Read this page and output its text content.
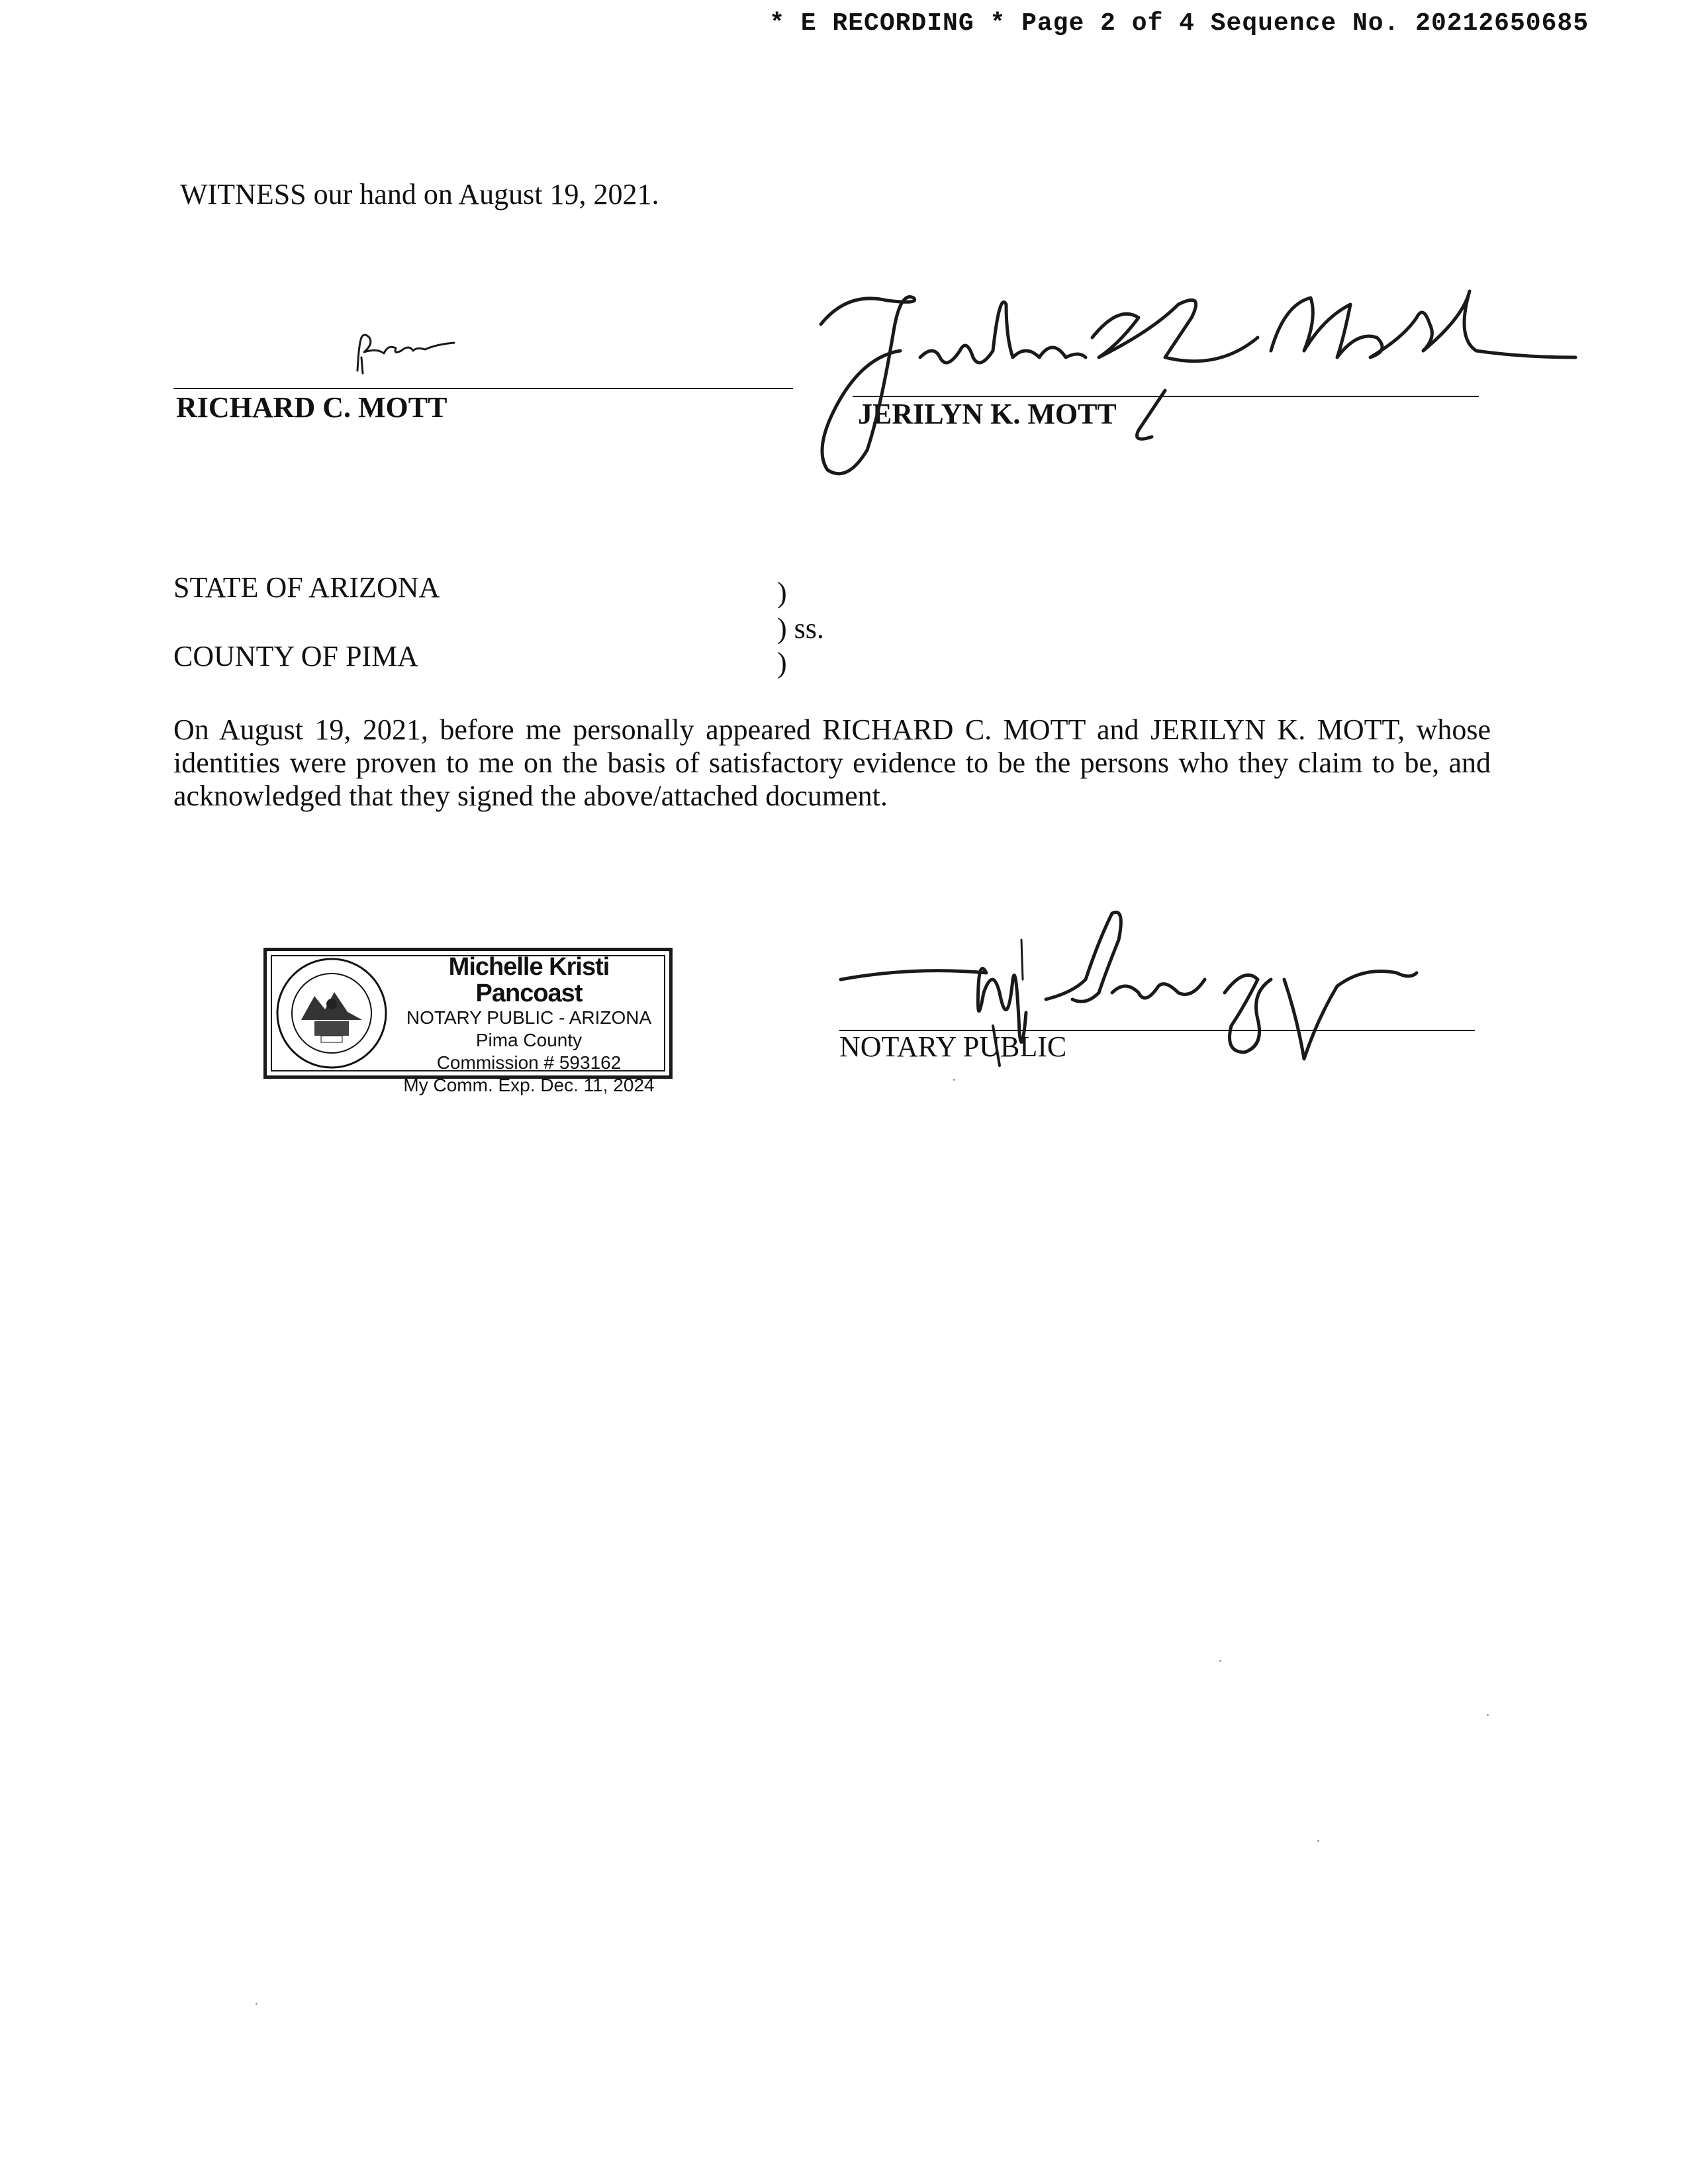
* E RECORDING * Page 2 of 4 Sequence No. 20212650685
WITNESS our hand on August 19, 2021.
RICHARD C. MOTT	JERILYN K. MOTT
STATE OF ARIZONA
COUNTY OF PIMA
)
) ss.
)
On August 19, 2021, before me personally appeared RICHARD C. MOTT and JERILYN K. MOTT, whose identities were proven to me on the basis of satisfactory evidence to be the persons who they claim to be, and acknowledged that they signed the above/attached document.
Michelle Kristi Pancoast
NOTARY PUBLIC - ARIZONA
Pima County
Commission # 593162
My Comm. Exp. Dec. 11, 2024
NOTARY PUBLIC
